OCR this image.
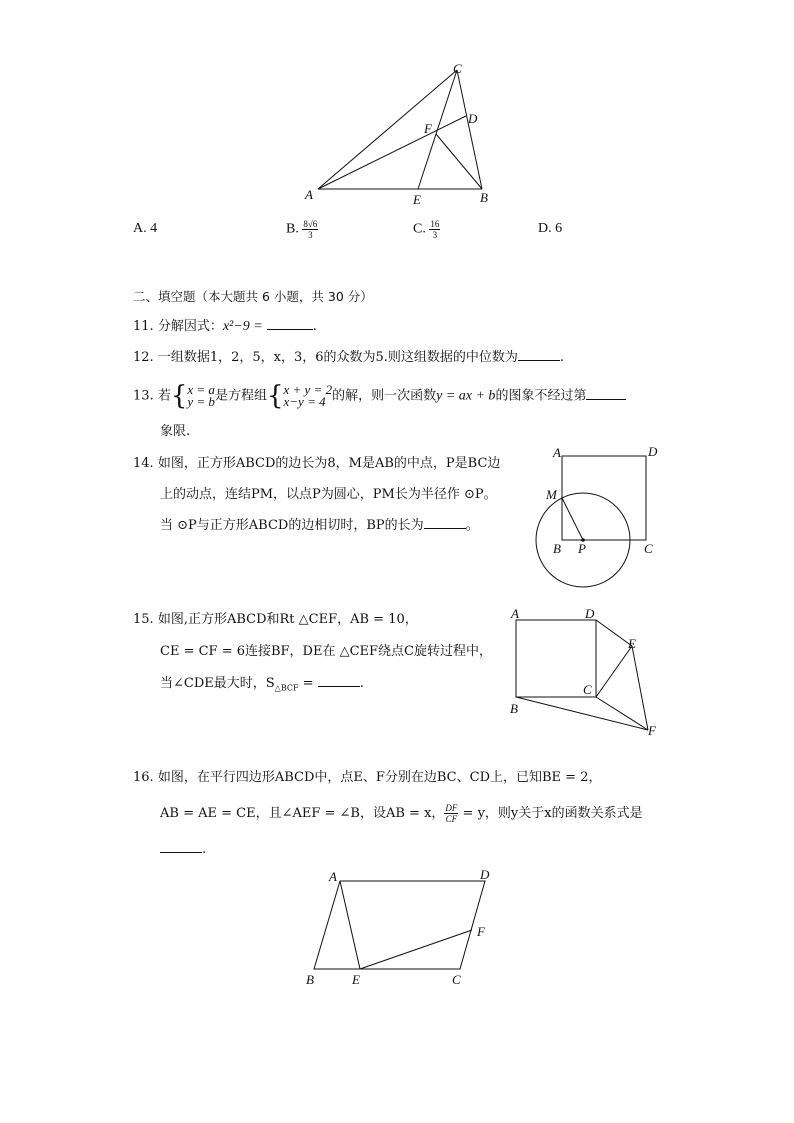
A	B
C
D
E
F
A. 4	B. $\frac{8√6}{3}$	C. $\frac{16}{3}$	D. 6
二、填空题（本大题共 6 小题，共 30 分）
11. 分解因式：x²−9 =	.
12. 一组数据1，2，5，x，3，6的众数为5.则这组数据的中位数为	.
13. 若{ x = a
y = b 是方程组{ x + y = 2
x−y = 4 的解，则一次函数y = ax + b的图象不经过第
象限.
14. 如图，正方形ABCD的边长为8，M是AB的中点，P是BC边
上的动点，连结PM，以点P为圆心，PM长为半径作 ⊙P。
当 ⊙P与正方形ABCD的边相切时，BP的长为	。
A	D
M
B P	C
15. 如图,正方形ABCD和Rt △CEF，AB = 10，
CE = CF = 6连接BF，DE在 △CEF绕点C旋转过程中，
当∠CDE最大时，$S_{\triangle BCF}$ =	.
A	D
E
C
B
F
16. 如图，在平行四边形ABCD中，点E、F分别在边BC、CD上，已知BE = 2，
AB = AE = CE，且∠AEF = ∠B，设AB = x， $\frac{DF}{CF} = y$，则y关于x的函数关系式是
.
A	D
F
B	E	C
